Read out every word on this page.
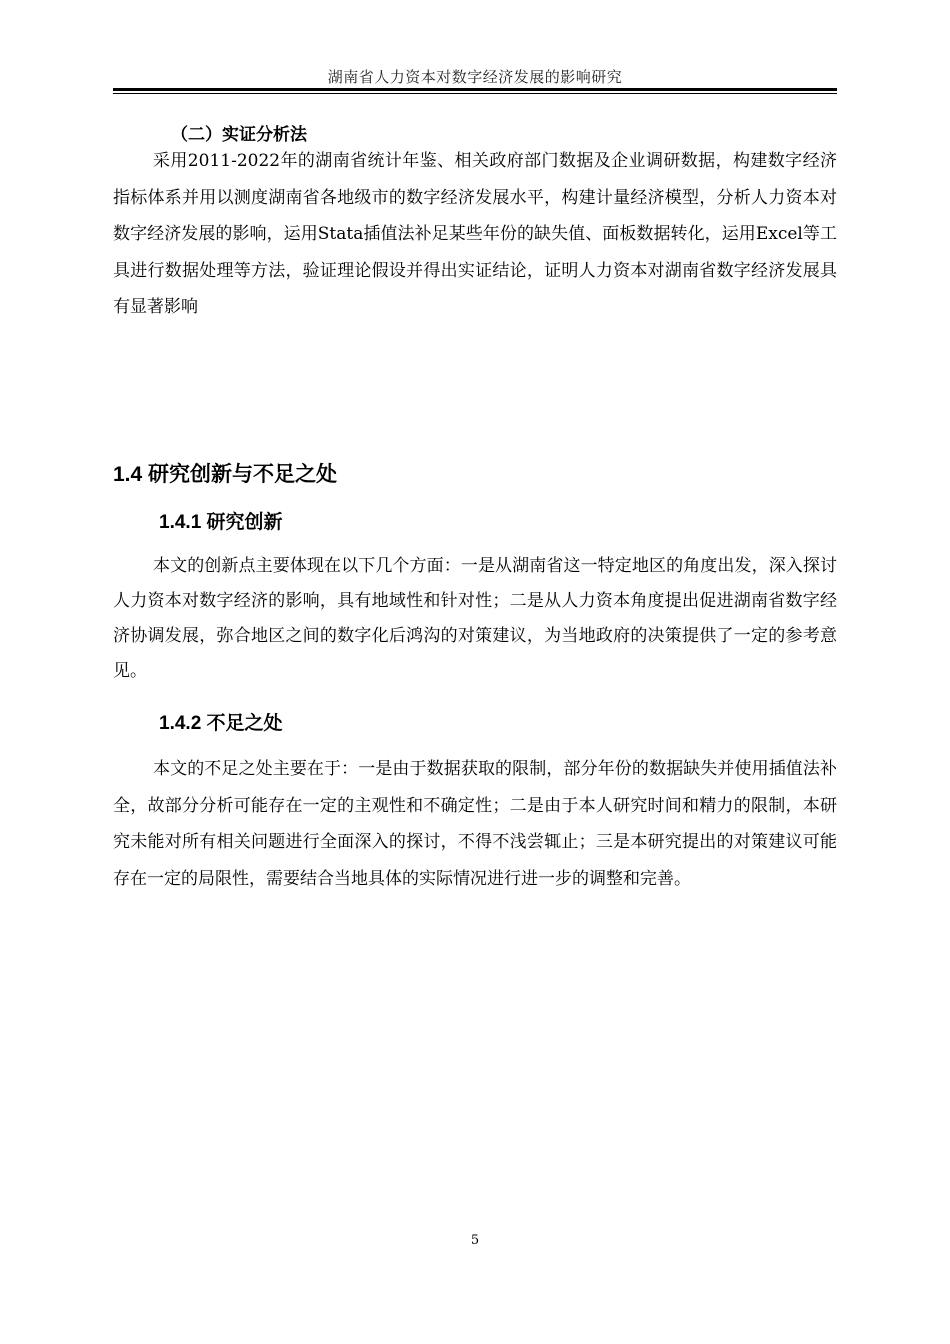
湖南省人力资本对数字经济发展的影响研究
（二）实证分析法

采用2011-2022年的湖南省统计年鉴、相关政府部门数据及企业调研数据，构建数字经济指标体系并用以测度湖南省各地级市的数字经济发展水平，构建计量经济模型，分析人力资本对数字经济发展的影响，运用Stata插值法补足某些年份的缺失值、面板数据转化，运用Excel等工具进行数据处理等方法，验证理论假设并得出实证结论，证明人力资本对湖南省数字经济发展具有显著影响

1.4 研究创新与不足之处
1.4.1 研究创新

本文的创新点主要体现在以下几个方面：一是从湖南省这一特定地区的角度出发，深入探讨人力资本对数字经济的影响，具有地域性和针对性；二是从人力资本角度提出促进湖南省数字经济协调发展，弥合地区之间的数字化后鸿沟的对策建议，为当地政府的决策提供了一定的参考意见。

1.4.2 不足之处

本文的不足之处主要在于：一是由于数据获取的限制，部分年份的数据缺失并使用插值法补全，故部分分析可能存在一定的主观性和不确定性；二是由于本人研究时间和精力的限制，本研究未能对所有相关问题进行全面深入的探讨，不得不浅尝辄止；三是本研究提出的对策建议可能存在一定的局限性，需要结合当地具体的实际情况进行进一步的调整和完善。

5
